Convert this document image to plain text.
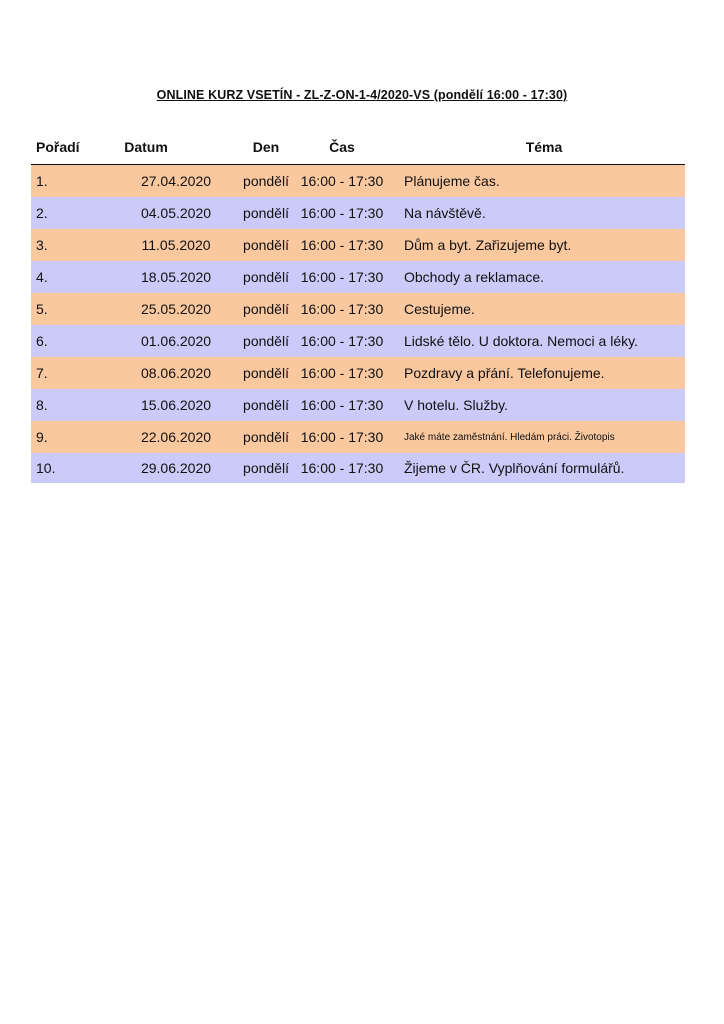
ONLINE KURZ VSETÍN - ZL-Z-ON-1-4/2020-VS (pondělí 16:00 - 17:30)
Pořadí	Datum	Den	Čas	Téma
1.	27.04.2020	pondělí 16:00 - 17:30	Plánujeme čas.
2.	04.05.2020	pondělí 16:00 - 17:30	Na návštěvě.
3.	11.05.2020	pondělí 16:00 - 17:30	Dům a byt. Zařizujeme byt.
4.	18.05.2020	pondělí 16:00 - 17:30	Obchody a reklamace.
5.	25.05.2020	pondělí 16:00 - 17:30	Cestujeme.
6.	01.06.2020	pondělí 16:00 - 17:30	Lidské tělo. U doktora. Nemoci a léky.
7.	08.06.2020	pondělí 16:00 - 17:30	Pozdravy a přání. Telefonujeme.
8.	15.06.2020	pondělí 16:00 - 17:30	V hotelu. Služby.
9.	22.06.2020	pondělí 16:00 - 17:30	Jaké máte zaměstnání. Hledám práci. Životopis
10.	29.06.2020	pondělí 16:00 - 17:30	Žijeme v ČR. Vyplňování formulářů.
